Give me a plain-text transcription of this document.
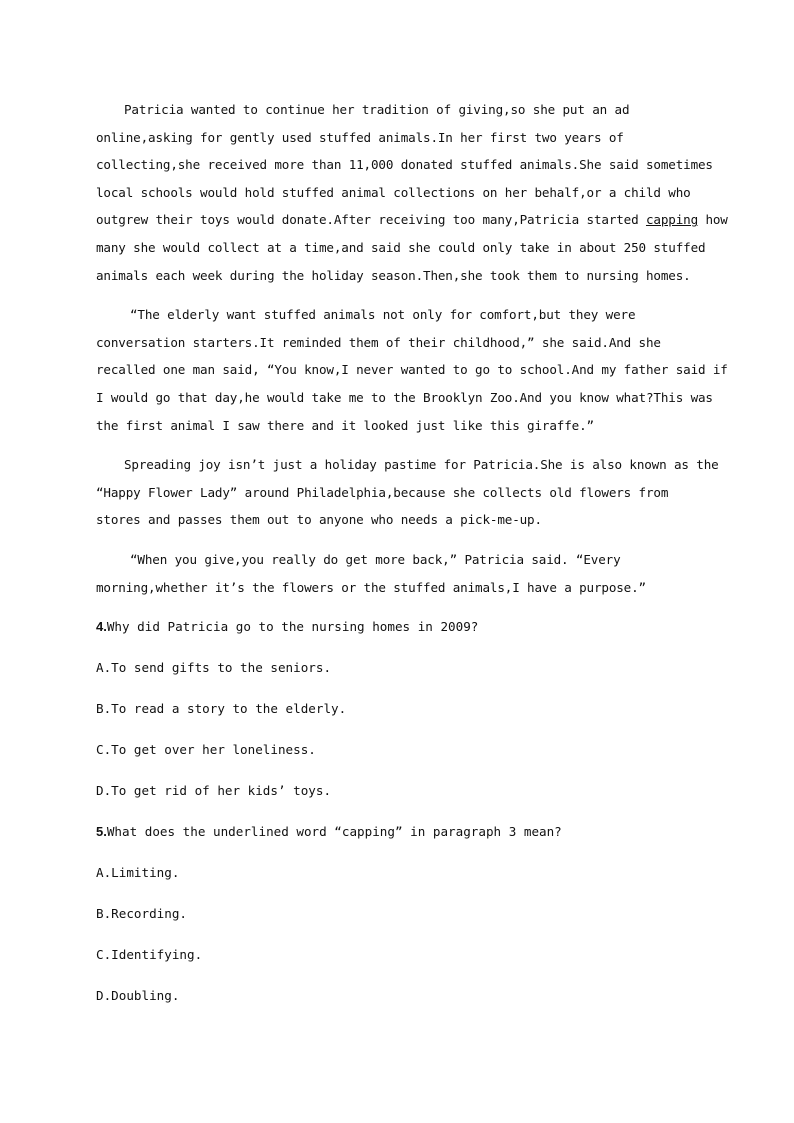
Patricia wanted to continue her tradition of giving,so she put an ad
online,asking for gently used stuffed animals.In her first two years of
collecting,she received more than 11,000 donated stuffed animals.She said sometimes
local schools would hold stuffed animal collections on her behalf,or a child who
outgrew their toys would donate.After receiving too many,Patricia started capping how
many she would collect at a time,and said she could only take in about 250 stuffed
animals each week during the holiday season.Then,she took them to nursing homes.

“The elderly want stuffed animals not only for comfort,but they were
conversation starters.It reminded them of their childhood,” she said.And she
recalled one man said, “You know,I never wanted to go to school.And my father said if
I would go that day,he would take me to the Brooklyn Zoo.And you know what?This was
the first animal I saw there and it looked just like this giraffe.”

Spreading joy isn’t just a holiday pastime for Patricia.She is also known as the
“Happy Flower Lady” around Philadelphia,because she collects old flowers from
stores and passes them out to anyone who needs a pick-me-up.

“When you give,you really do get more back,” Patricia said. “Every
morning,whether it’s the flowers or the stuffed animals,I have a purpose.”

4.Why did Patricia go to the nursing homes in 2009?
A.To send gifts to the seniors.
B.To read a story to the elderly.
C.To get over her loneliness.
D.To get rid of her kids’ toys.
5.What does the underlined word “capping” in paragraph 3 mean?
A.Limiting.
B.Recording.
C.Identifying.
D.Doubling.
